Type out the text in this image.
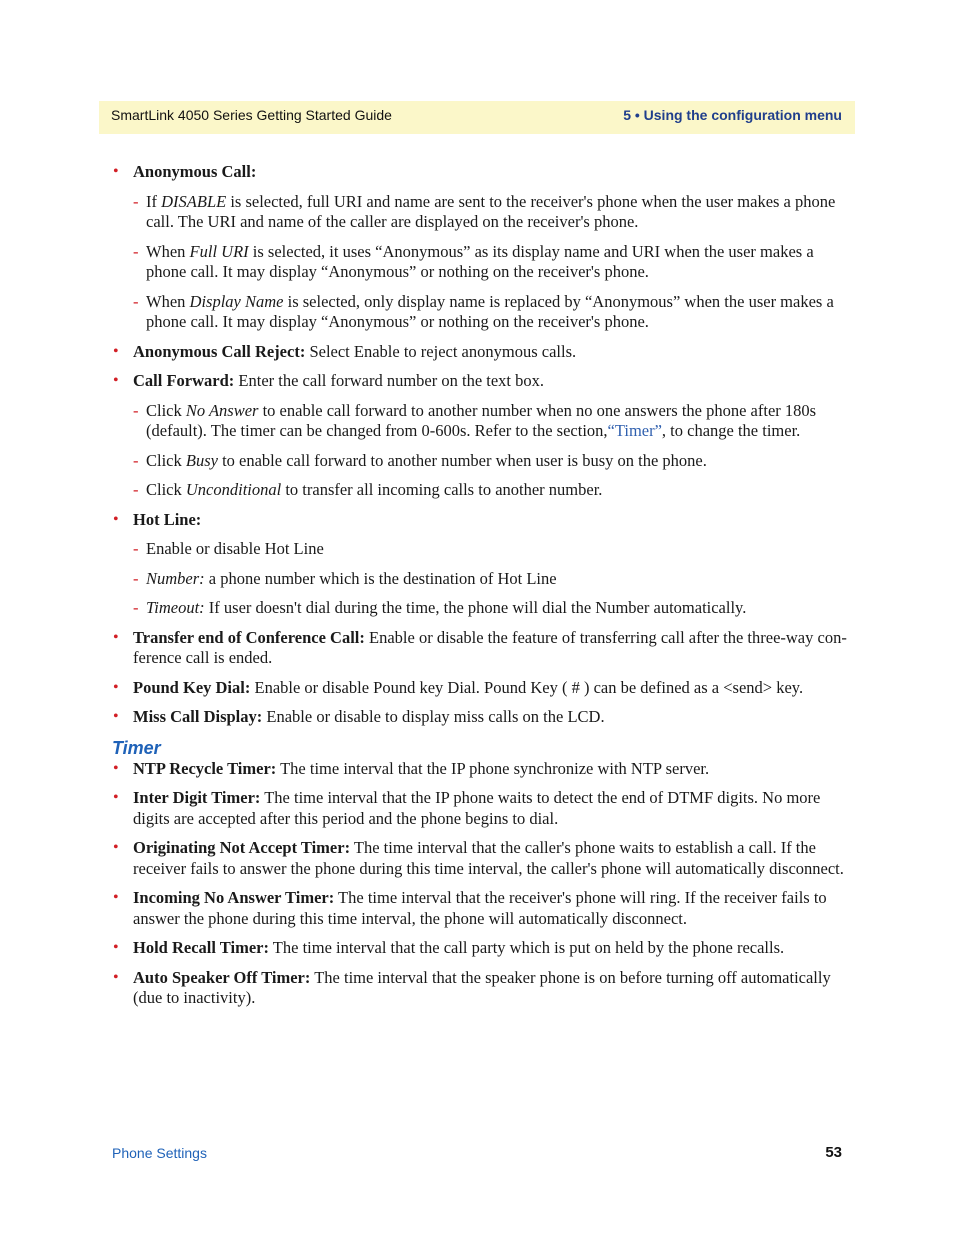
SmartLink 4050 Series Getting Started Guide	5 • Using the configuration menu
• Anonymous Call:
- If DISABLE is selected, full URI and name are sent to the receiver's phone when the user makes a phone call. The URI and name of the caller are displayed on the receiver's phone.
- When Full URI is selected, it uses “Anonymous” as its display name and URI when the user makes a phone call. It may display “Anonymous” or nothing on the receiver's phone.
- When Display Name is selected, only display name is replaced by “Anonymous” when the user makes a phone call. It may display “Anonymous” or nothing on the receiver's phone.
• Anonymous Call Reject: Select Enable to reject anonymous calls.
• Call Forward: Enter the call forward number on the text box.
- Click No Answer to enable call forward to another number when no one answers the phone after 180s (default). The timer can be changed from 0-600s. Refer to the section,“Timer”, to change the timer.
- Click Busy to enable call forward to another number when user is busy on the phone.
- Click Unconditional to transfer all incoming calls to another number.
• Hot Line:
- Enable or disable Hot Line
- Number: a phone number which is the destination of Hot Line
- Timeout: If user doesn't dial during the time, the phone will dial the Number automatically.
• Transfer end of Conference Call: Enable or disable the feature of transferring call after the three-way con-ference call is ended.
• Pound Key Dial: Enable or disable Pound key Dial. Pound Key ( # ) can be defined as a <send> key.
• Miss Call Display: Enable or disable to display miss calls on the LCD.
Timer
• NTP Recycle Timer: The time interval that the IP phone synchronize with NTP server.
• Inter Digit Timer: The time interval that the IP phone waits to detect the end of DTMF digits. No more digits are accepted after this period and the phone begins to dial.
• Originating Not Accept Timer: The time interval that the caller's phone waits to establish a call. If the receiver fails to answer the phone during this time interval, the caller's phone will automatically disconnect.
• Incoming No Answer Timer: The time interval that the receiver's phone will ring. If the receiver fails to answer the phone during this time interval, the phone will automatically disconnect.
• Hold Recall Timer: The time interval that the call party which is put on held by the phone recalls.
• Auto Speaker Off Timer: The time interval that the speaker phone is on before turning off automatically (due to inactivity).
Phone Settings	53
